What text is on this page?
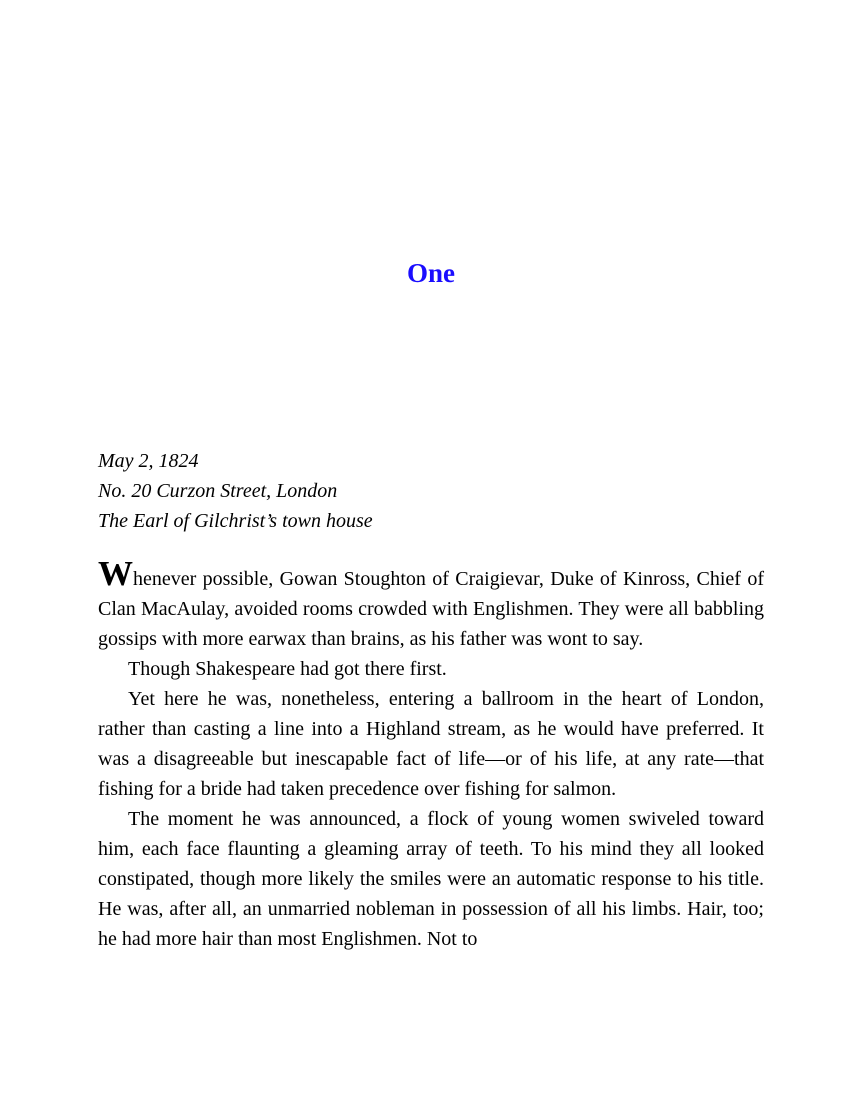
One
May 2, 1824
No. 20 Curzon Street, London
The Earl of Gilchrist’s town house

Whenever possible, Gowan Stoughton of Craigievar, Duke of Kinross, Chief of Clan MacAulay, avoided rooms crowded with Englishmen. They were all babbling gossips with more earwax than brains, as his father was wont to say.

Though Shakespeare had got there first.

Yet here he was, nonetheless, entering a ballroom in the heart of London, rather than casting a line into a Highland stream, as he would have preferred. It was a disagreeable but inescapable fact of life—or of his life, at any rate—that fishing for a bride had taken precedence over fishing for salmon.

The moment he was announced, a flock of young women swiveled toward him, each face flaunting a gleaming array of teeth. To his mind they all looked constipated, though more likely the smiles were an automatic response to his title. He was, after all, an unmarried nobleman in possession of all his limbs. Hair, too; he had more hair than most Englishmen. Not to
